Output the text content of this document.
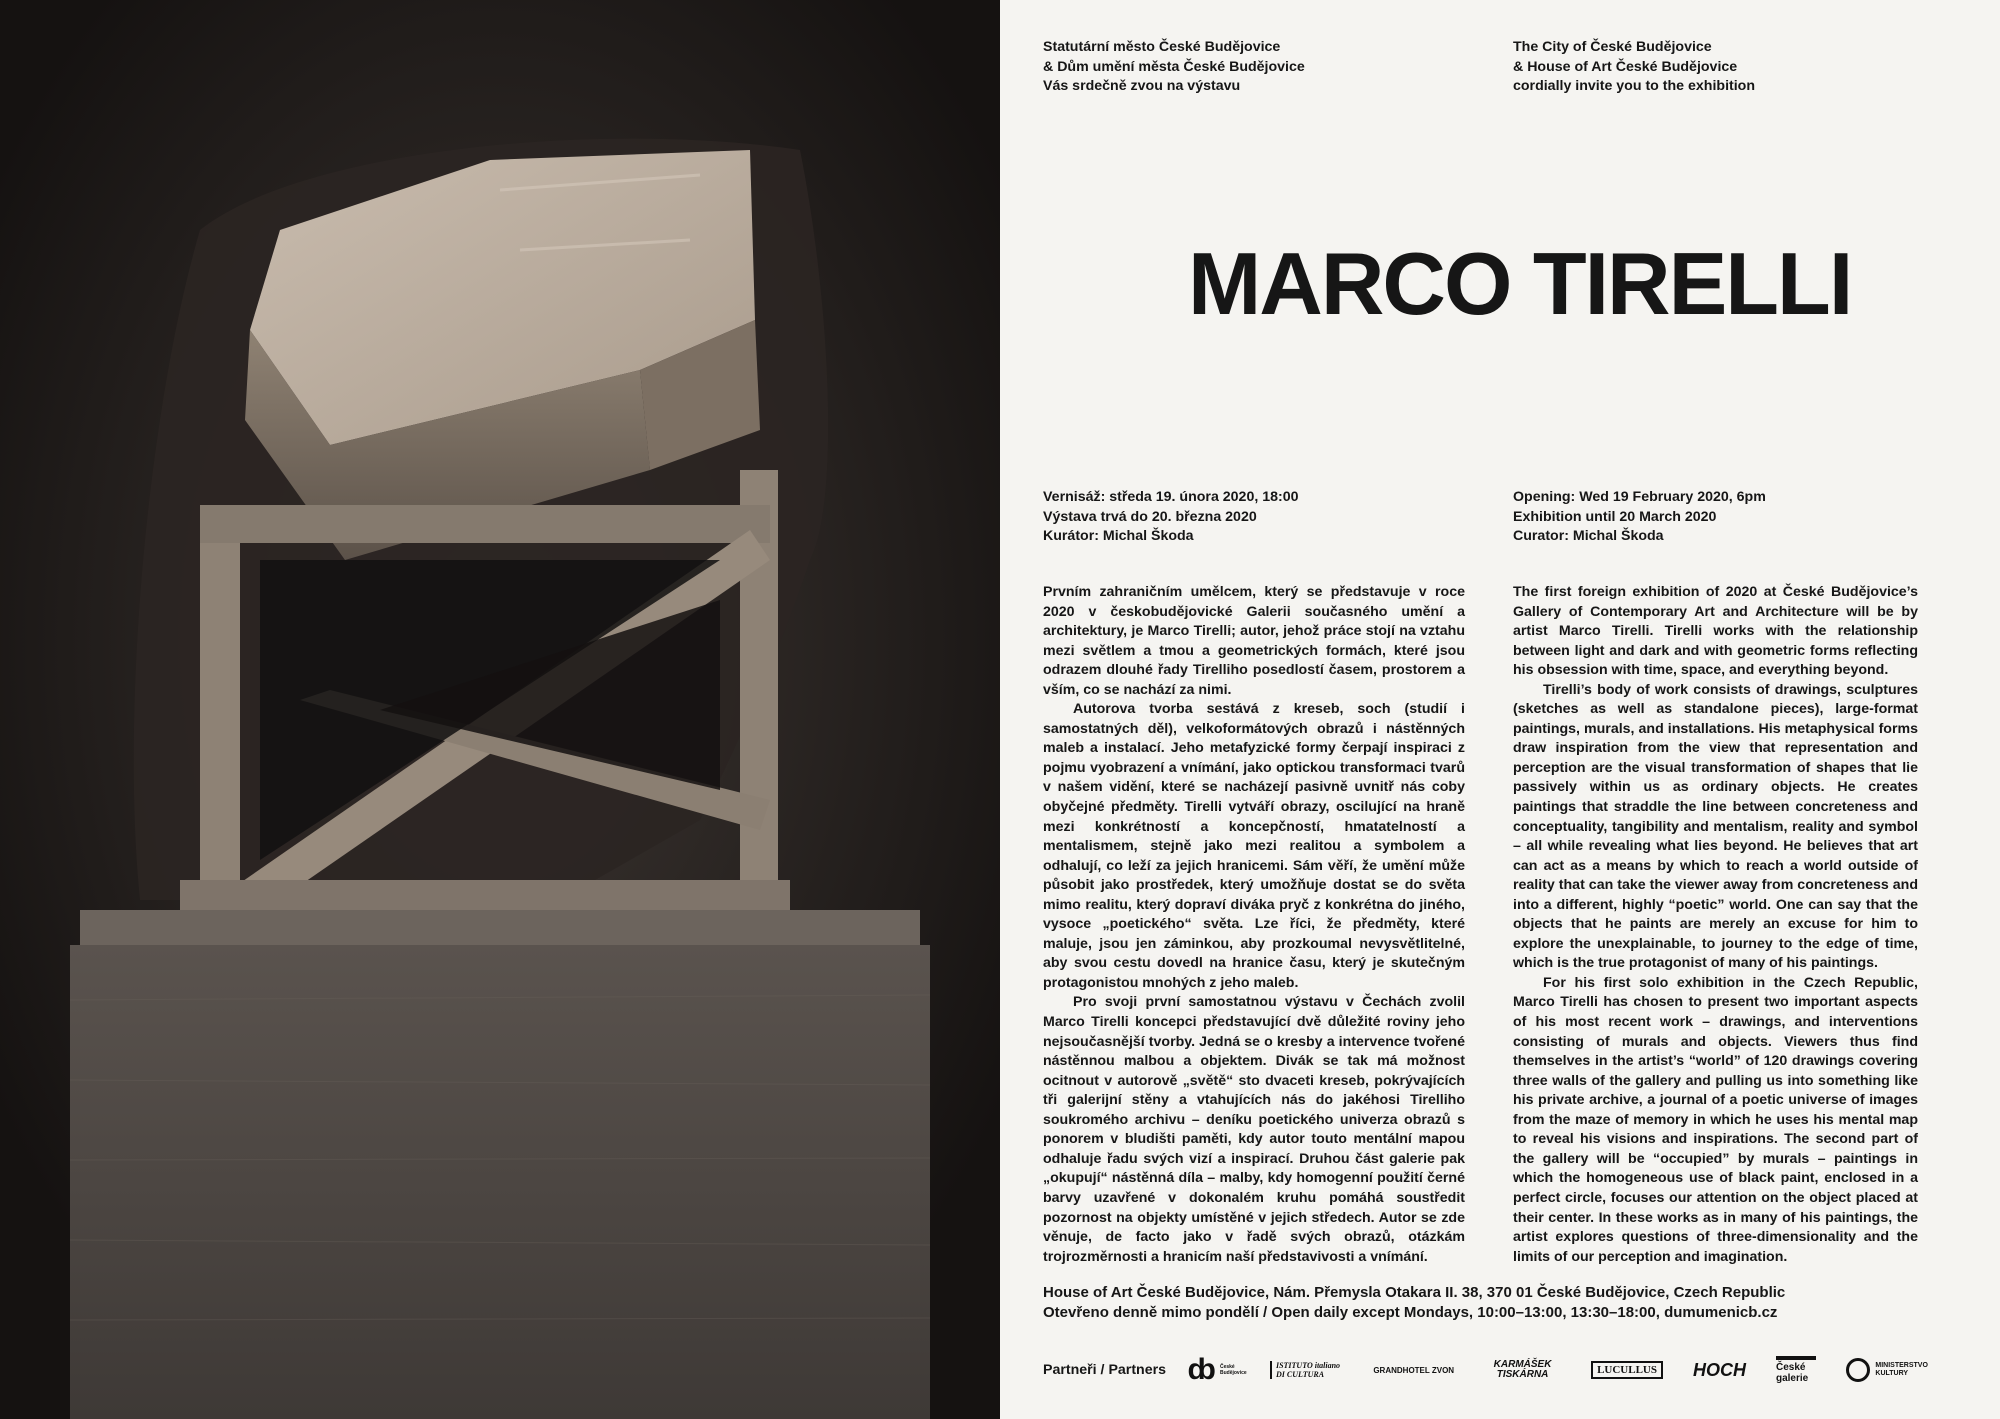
Statutární město České Budějovice

& Dům umění města České Budějovice

Vás srdečně zvou na výstavu

The City of České Budějovice

& House of Art České Budějovice

cordially invite you to the exhibition

MARCO TIRELLI

Vernisáž: středa 19. února 2020, 18:00

Výstava trvá do 20. března 2020

Kurátor: Michal Škoda

Opening: Wed 19 February 2020, 6pm

Exhibition until 20 March 2020

Curator: Michal Škoda

Prvním zahraničním umělcem, který se představuje v roce 2020 v českobudějovické Galerii současného umění a architektury, je Marco Tirelli; autor, jehož práce stojí na vztahu mezi světlem a tmou a geometrických formách, které jsou odrazem dlouhé řady Tirelliho posedlostí časem, prostorem a vším, co se nachází za nimi.

Autorova tvorba sestává z kreseb, soch (studií i samostatných děl), velkoformátových obrazů i nástěnných maleb a instalací. Jeho metafyzické formy čerpají inspiraci z pojmu vyobrazení a vnímání, jako optickou transformaci tvarů v našem vidění, které se nacházejí pasivně uvnitř nás coby obyčejné předměty. Tirelli vytváří obrazy, oscilující na hraně mezi konkrétností a koncepčností, hmatatelností a mentalismem, stejně jako mezi realitou a symbolem a odhalují, co leží za jejich hranicemi. Sám věří, že umění může působit jako prostředek, který umožňuje dostat se do světa mimo realitu, který dopraví diváka pryč z konkrétna do jiného, vysoce „poetického“ světa. Lze říci, že předměty, které maluje, jsou jen záminkou, aby prozkoumal nevysvětlitelné, aby svou cestu dovedl na hranice času, který je skutečným protagonistou mnohých z jeho maleb.

Pro svoji první samostatnou výstavu v Čechách zvolil Marco Tirelli koncepci představující dvě důležité roviny jeho nejsoučasnější tvorby. Jedná se o kresby a intervence tvořené nástěnnou malbou a objektem. Divák se tak má možnost ocitnout v autorově „světě“ sto dvaceti kreseb, pokrývajících tři galerijní stěny a vtahujících nás do jakéhosi Tirelliho soukromého archivu – deníku poetického univerza obrazů s ponorem v bludišti paměti, kdy autor touto mentální mapou odhaluje řadu svých vizí a inspirací. Druhou část galerie pak „okupují“ nástěnná díla – malby, kdy homogenní použití černé barvy uzavřené v dokonalém kruhu pomáhá soustředit pozornost na objekty umístěné v jejich středech. Autor se zde věnuje, de facto jako v řadě svých obrazů, otázkám trojrozměrnosti a hranicím naší představivosti a vnímání.

The first foreign exhibition of 2020 at České Budějovice’s Gallery of Contemporary Art and Architecture will be by artist Marco Tirelli. Tirelli works with the relationship between light and dark and with geometric forms reflecting his obsession with time, space, and everything beyond.

Tirelli’s body of work consists of drawings, sculptures (sketches as well as standalone pieces), large-format paintings, murals, and installations. His metaphysical forms draw inspiration from the view that representation and perception are the visual transformation of shapes that lie passively within us as ordinary objects. He creates paintings that straddle the line between concreteness and conceptuality, tangibility and mentalism, reality and symbol – all while revealing what lies beyond. He believes that art can act as a means by which to reach a world outside of reality that can take the viewer away from concreteness and into a different, highly “poetic” world. One can say that the objects that he paints are merely an excuse for him to explore the unexplainable, to journey to the edge of time, which is the true protagonist of many of his paintings.

For his first solo exhibition in the Czech Republic, Marco Tirelli has chosen to present two important aspects of his most recent work – drawings, and interventions consisting of murals and objects. Viewers thus find themselves in the artist’s “world” of 120 drawings covering three walls of the gallery and pulling us into something like his private archive, a journal of a poetic universe of images from the maze of memory in which he uses his mental map to reveal his visions and inspirations. The second part of the gallery will be “occupied” by murals – paintings in which the homogeneous use of black paint, enclosed in a perfect circle, focuses our attention on the object placed at their center. In these works as in many of his paintings, the artist explores questions of three-dimensionality and the limits of our perception and imagination.

House of Art České Budějovice, Nám. Přemysla Otakara II. 38, 370 01 České Budějovice, Czech Republic

Otevřeno denně mimo pondělí / Open daily except Mondays, 10:00–13:00, 13:30–18:00, dumumenicb.cz

Partneři / Partners ȸ České Budějovice
ISTITUTO italiano DI CULTURA	GRANDHOTEL ZVON	KARMÁŠEK TISKÁRNA	LUCULLUS HOCH	České galerie
MINISTERSTVO KULTURY
